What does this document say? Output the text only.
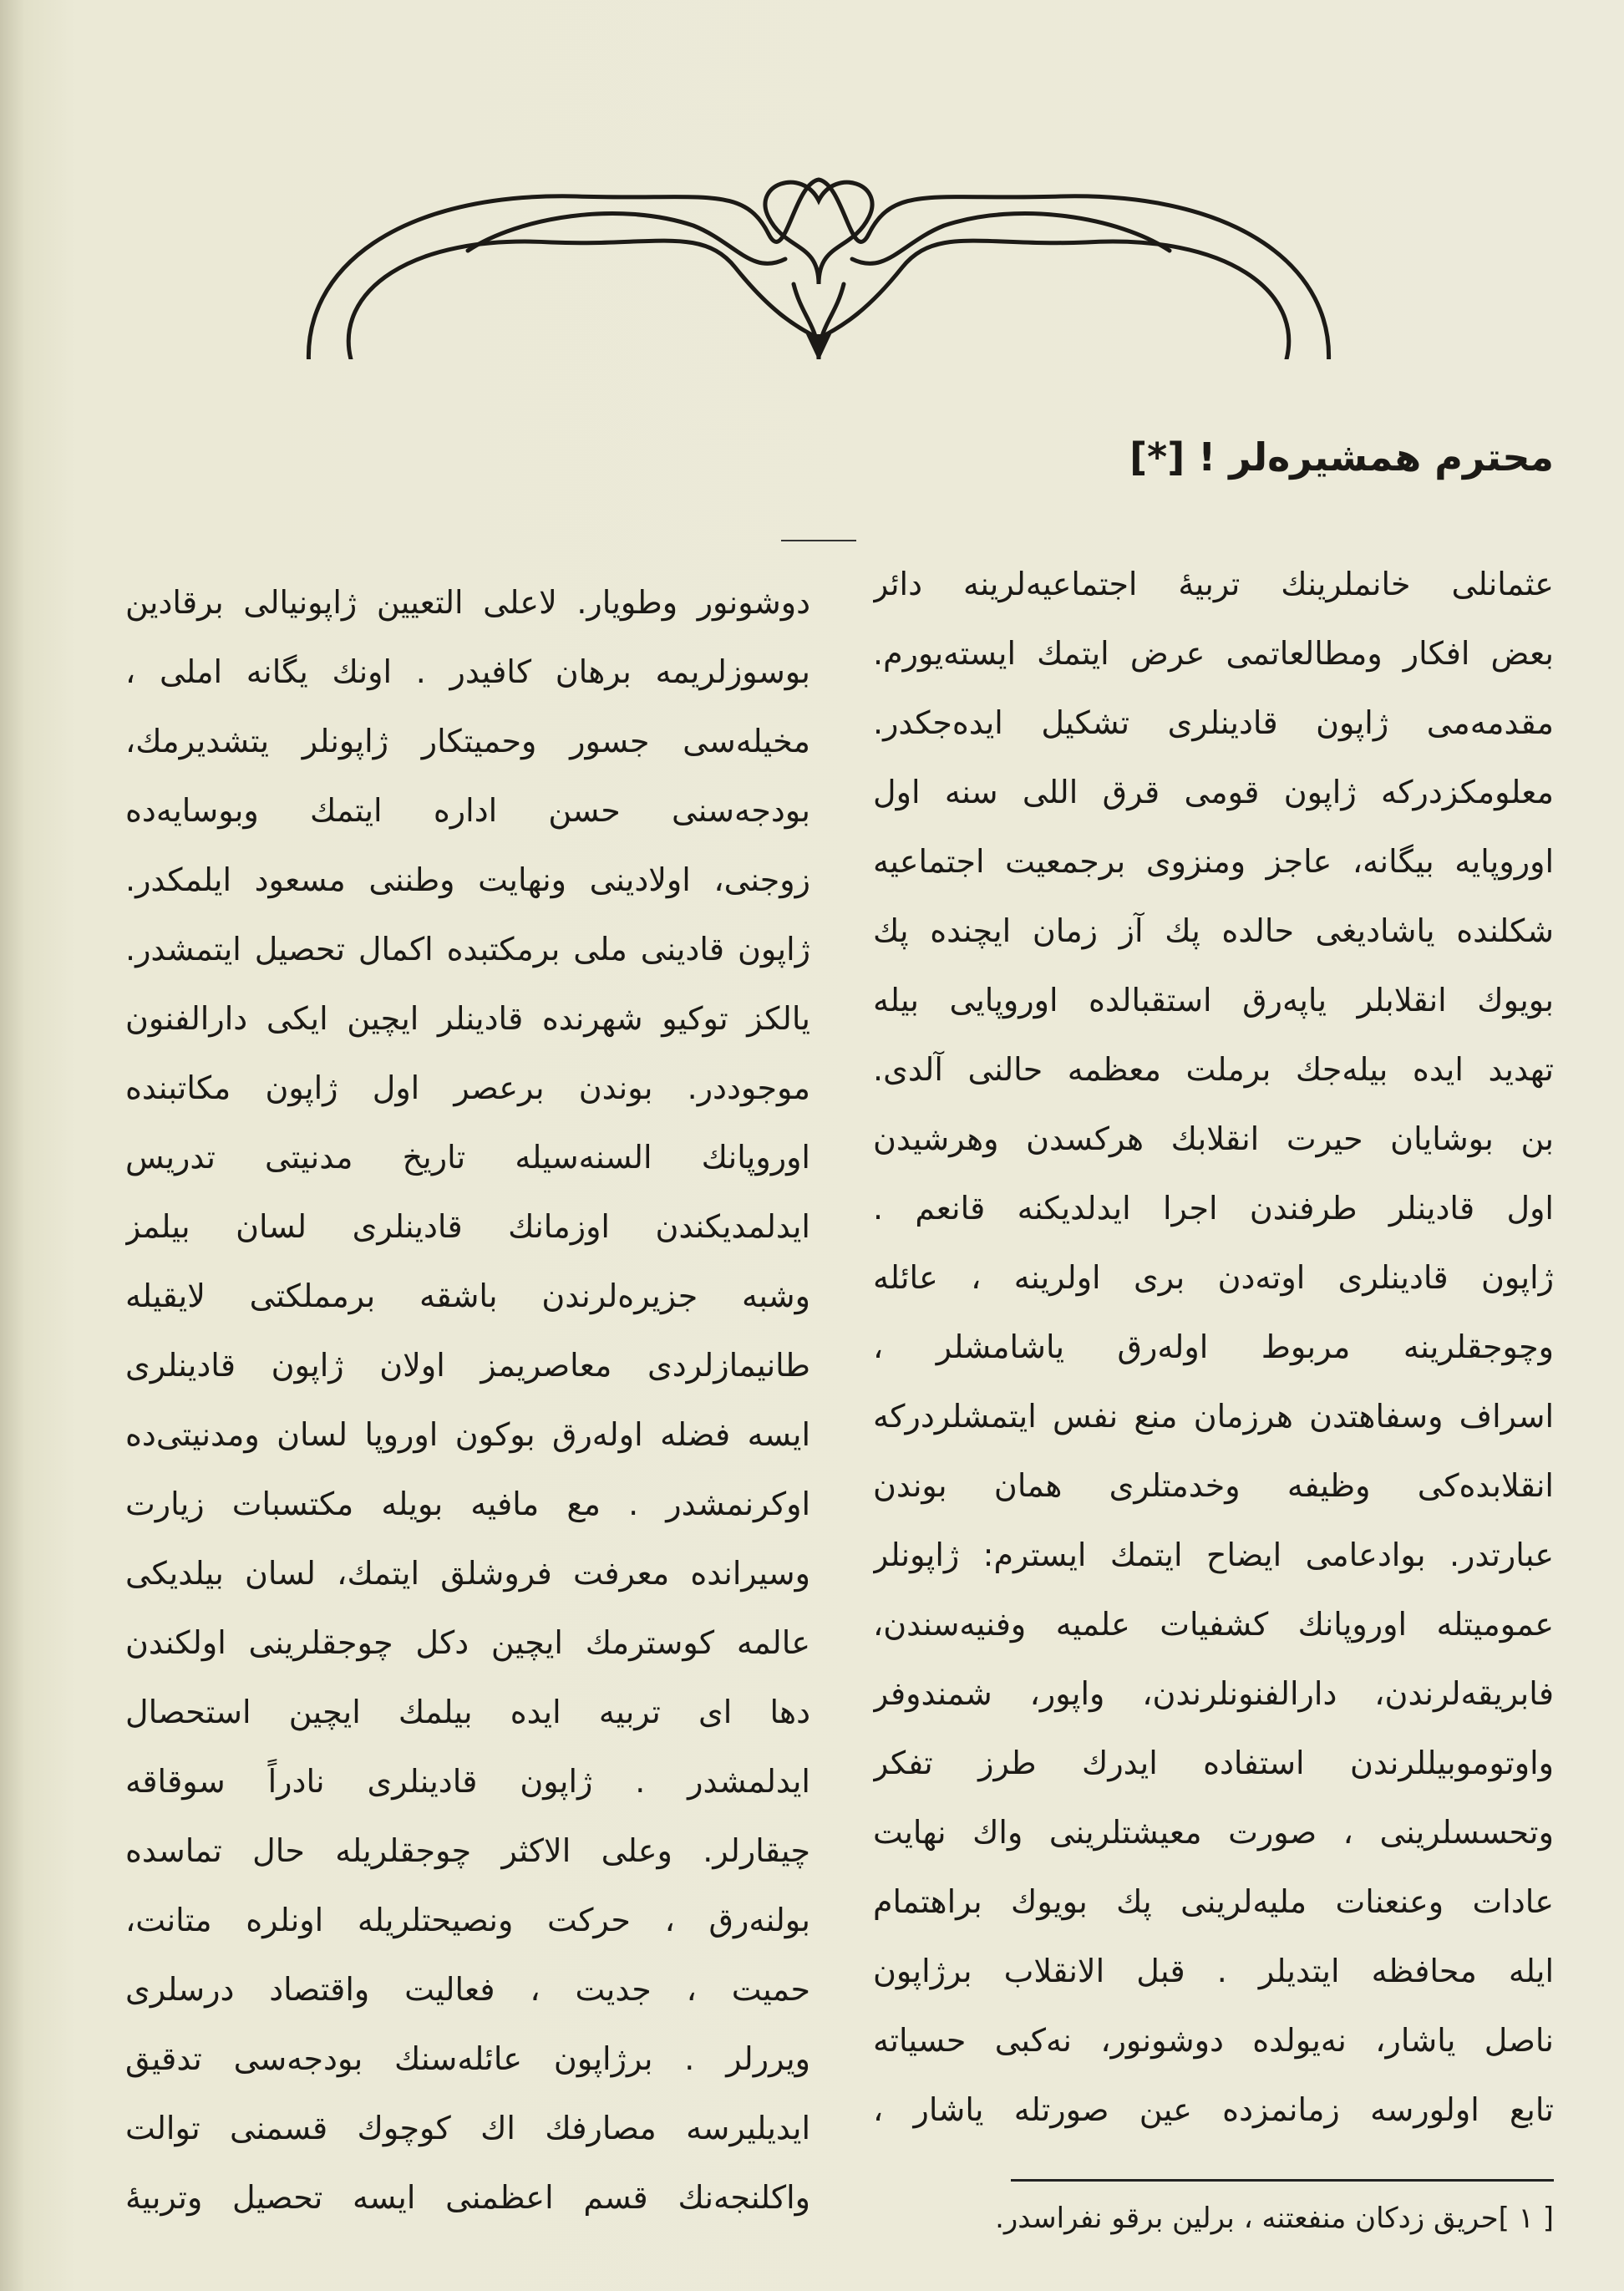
محترم همشیره‌لر ! [*]
عثمانلی خانملرینك تربیهٔ اجتماعیه‌لرینه دائر
بعض افکار ومطالعاتمی عرض ایتمك ایسته‌یورم.
مقدمه‌می ژاپون قادینلری تشکیل ایده‌جکدر.
معلومکزدرکه ژاپون قومی قرق اللی سنه اول
اوروپایه بیگانه، عاجز ومنزوی برجمعیت اجتماعیه
شکلنده یاشادیغی حالده پك آز زمان ایچنده پك
بویوك انقلابلر یاپه‌رق استقبالده اوروپایی بیله
تهدید ایده بیله‌جك برملت معظمه حالنی آلدی.
بن بوشایان حیرت انقلابك هرکسدن وهرشیدن
اول قادینلر طرفندن اجرا ایدلدیکنه قانعم .
ژاپون قادینلری اوته‌دن بری اولرینه ، عائله
وچوجقلرینه مربوط اوله‌رق یاشامشلر ،
اسراف وسفاهتدن هرزمان منع نفس ایتمشلردرکه
انقلابده‌کی وظیفه وخدمتلری همان بوندن
عبارتدر. بوادعامی ایضاح ایتمك ایسترم: ژاپونلر
عمومیتله اوروپانك کشفیات علمیه وفنیه‌سندن،
فابریقه‌لرندن، دارالفنونلرندن، واپور، شمندوفر
واوتوموبیللرندن استفاده ایدرك طرز تفکر
وتحسسلرینی ، صورت معیشتلرینی واك نهایت
عادات وعنعنات ملیه‌لرینی پك بویوك براهتمام
ایله محافظه ایتدیلر . قبل الانقلاب برژاپون
ناصل یاشار، نه‌یولده دوشونور، نه‌کبی حسیاته
تابع اولورسه زمانمزده عین صورتله یاشار ،
دوشونور وطویار. لاعلی التعیین ژاپونیالی برقادین
بوسوزلریمه برهان کافیدر . اونك یگانه املی ،
مخیله‌سی جسور وحمیتکار ژاپونلر یتشدیرمك،
بودجه‌سنی حسن اداره ایتمك وبوسایه‌ده
زوجنی، اولادینی ونهایت وطننی مسعود ایلمکدر.
ژاپون قادینی ملی برمکتبده اکمال تحصیل ایتمشدر.
یالکز توکیو شهرنده قادینلر ایچین ایکی دارالفنون
موجوددر. بوندن برعصر اول ژاپون مکاتبنده
اوروپانك السنه‌سیله تاریخ مدنیتی تدریس
ایدلمدیکندن اوزمانك قادینلری لسان بیلمز
وشبه جزیره‌لرندن باشقه برمملکتی لایقیله
طانیمازلردی معاصریمز اولان ژاپون قادینلری
ایسه فضله اوله‌رق بوکون اوروپا لسان ومدنیتی‌ده
اوکرنمشدر . مع مافیه بویله مکتسبات زیارت
وسیرانده معرفت فروشلق ایتمك، لسان بیلدیکی
عالمه کوسترمك ایچین دکل چوجقلرینی اولکندن
دها ای تربیه ایده بیلمك ایچین استحصال
ایدلمشدر . ژاپون قادینلری نادراً سوقاقه
چیقارلر. وعلی الاکثر چوجقلریله حال تماسده
بولنه‌رق ، حرکت ونصیحتلریله اونلره متانت،
حمیت ، جدیت ، فعالیت واقتصاد درسلری
ویررلر . برژاپون عائله‌سنك بودجه‌سی تدقیق
ایدیلیرسه مصارفك اك کوچوك قسمنی توالت
واکلنجه‌نك قسم اعظمنی ایسه تحصیل وتربیهٔ
[ ١ ]حریق زدکان منفعتنه ، برلین برقو نفراسدر.
